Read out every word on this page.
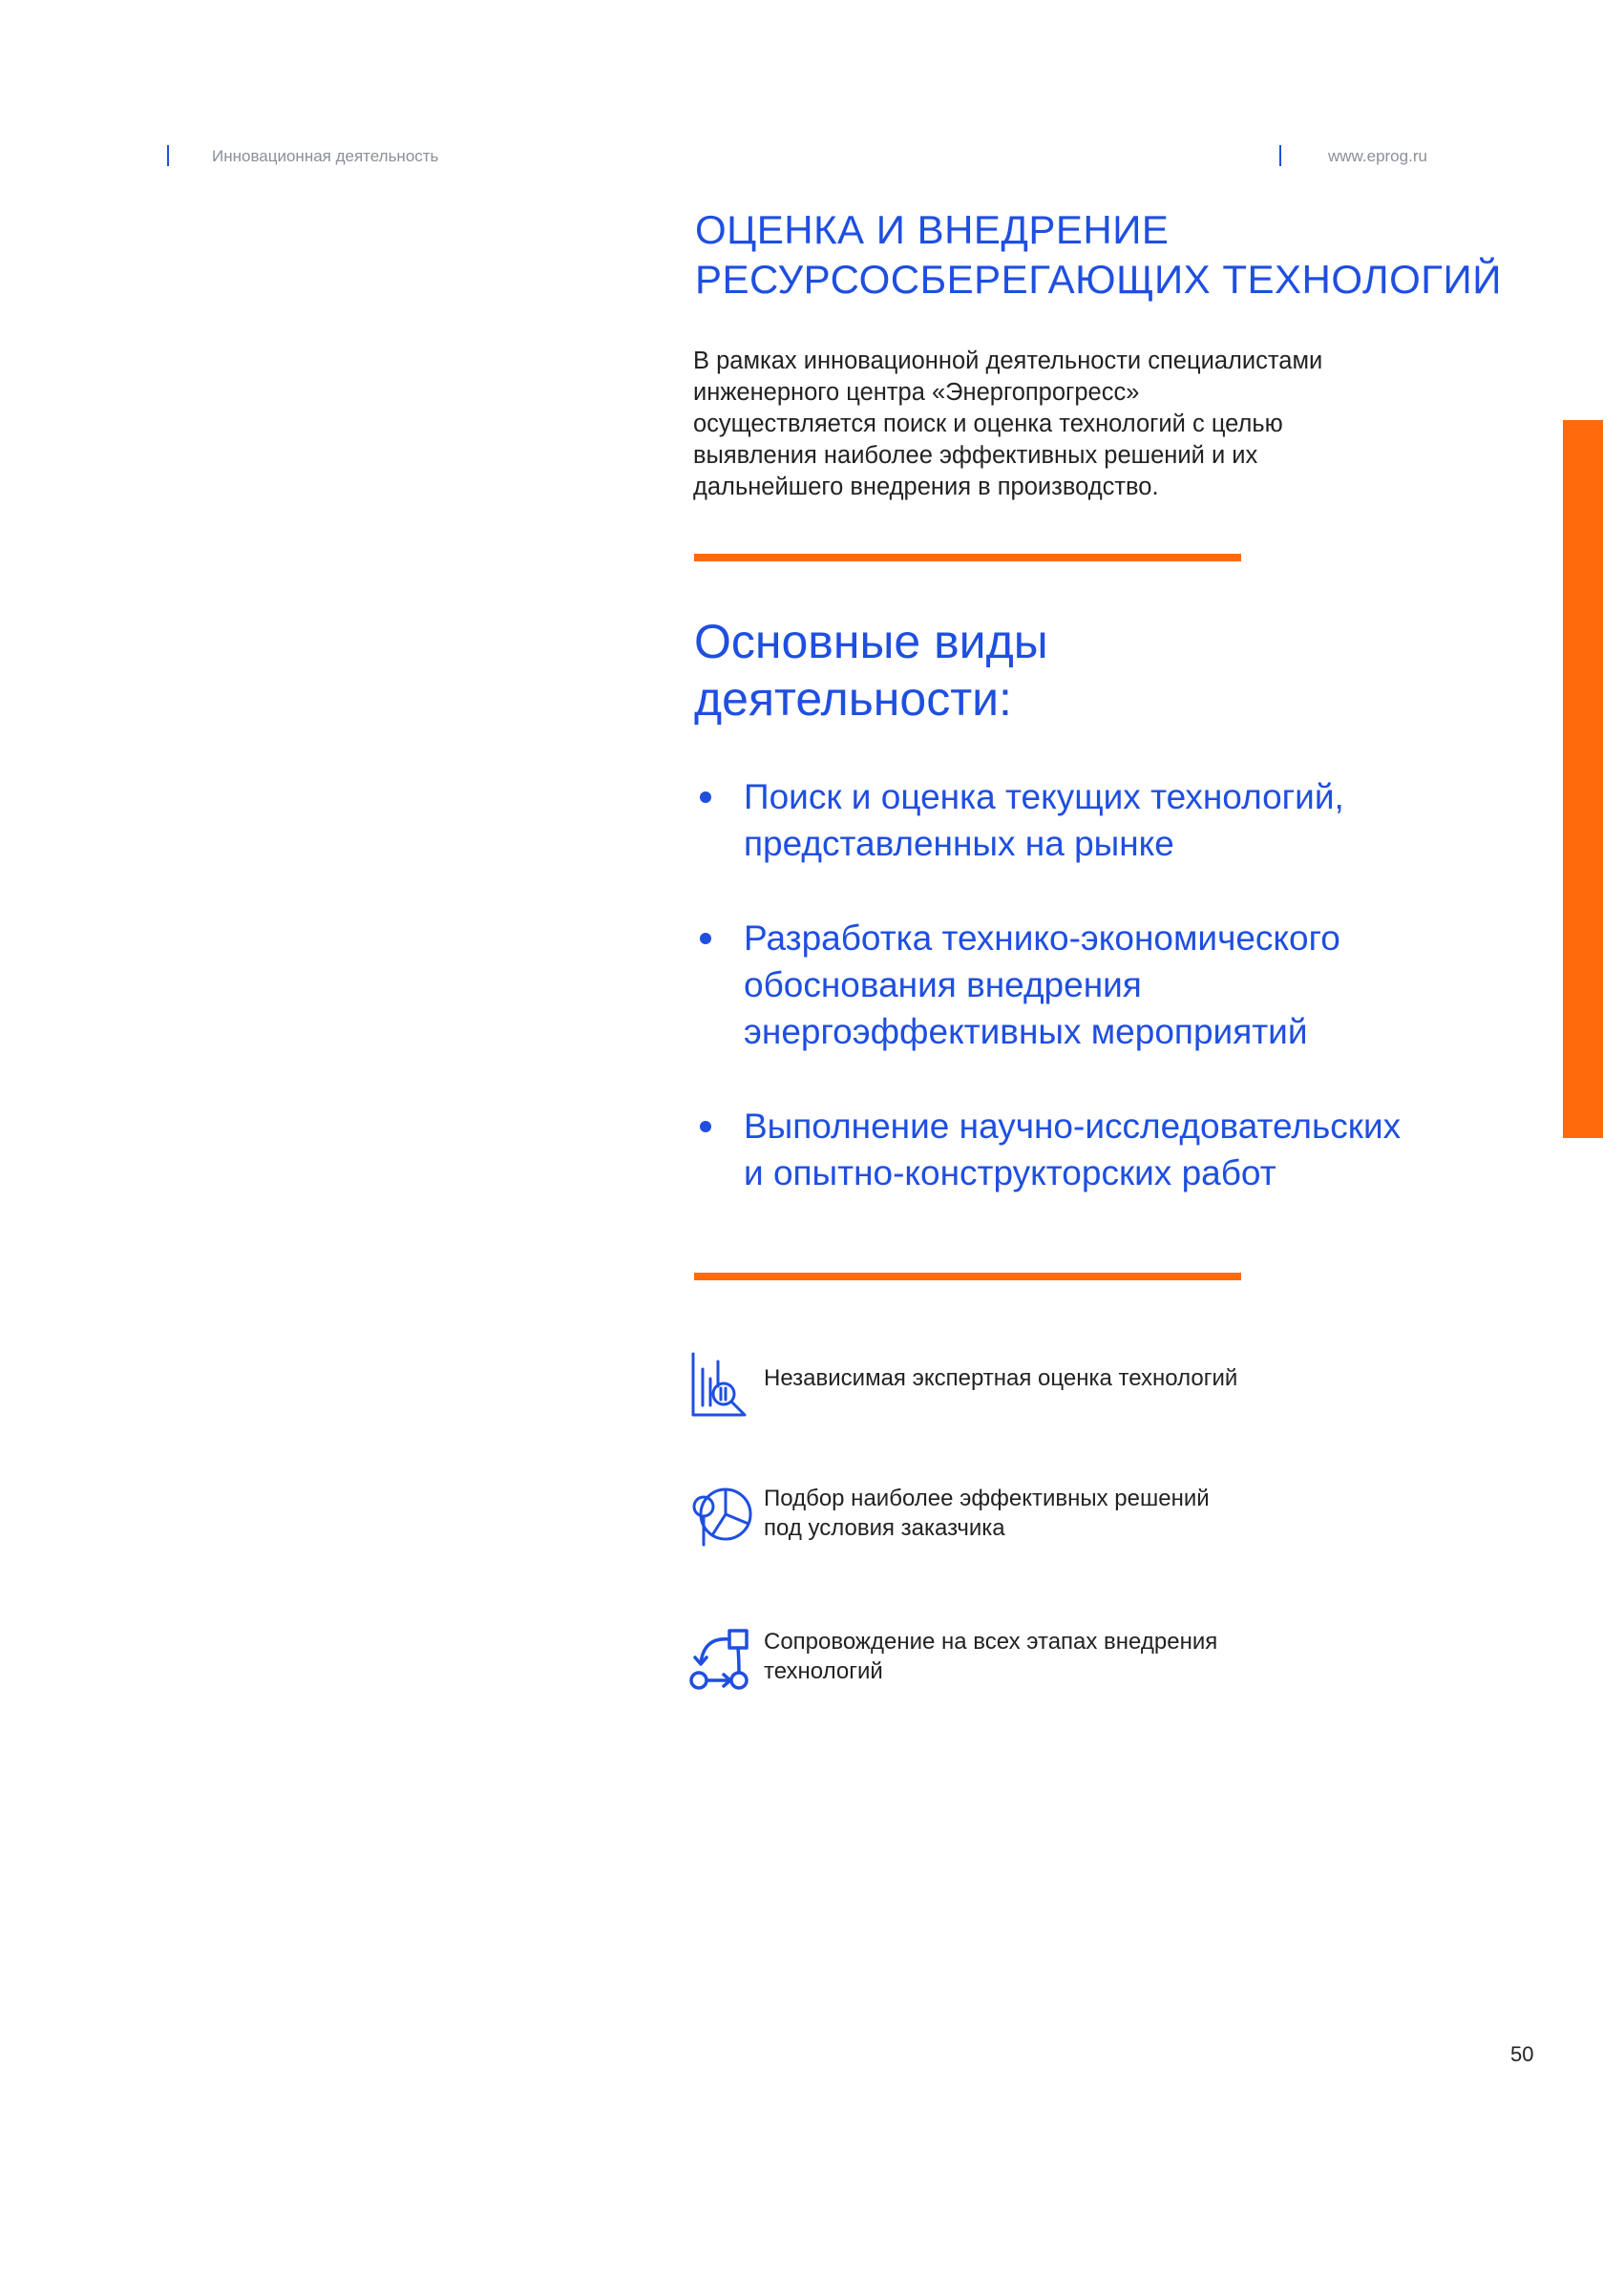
Инновационная деятельность	www.eprog.ru
ОЦЕНКА И ВНЕДРЕНИЕ
РЕСУРСОСБЕРЕГАЮЩИХ ТЕХНОЛОГИЙ
В рамках инновационной деятельности специалистами
инженерного центра «Энергопрогресс»
осуществляется поиск и оценка технологий с целью
выявления наиболее эффективных решений и их
дальнейшего внедрения в производство.
Основные виды
деятельности:
Поиск и оценка текущих технологий,
представленных на рынке
Разработка технико-экономического
обоснования внедрения
энергоэффективных мероприятий
Выполнение научно-исследовательских
и опытно-конструкторских работ
Независимая экспертная оценка технологий
Подбор наиболее эффективных решений
под условия заказчика
Сопровождение на всех этапах внедрения
технологий
50
